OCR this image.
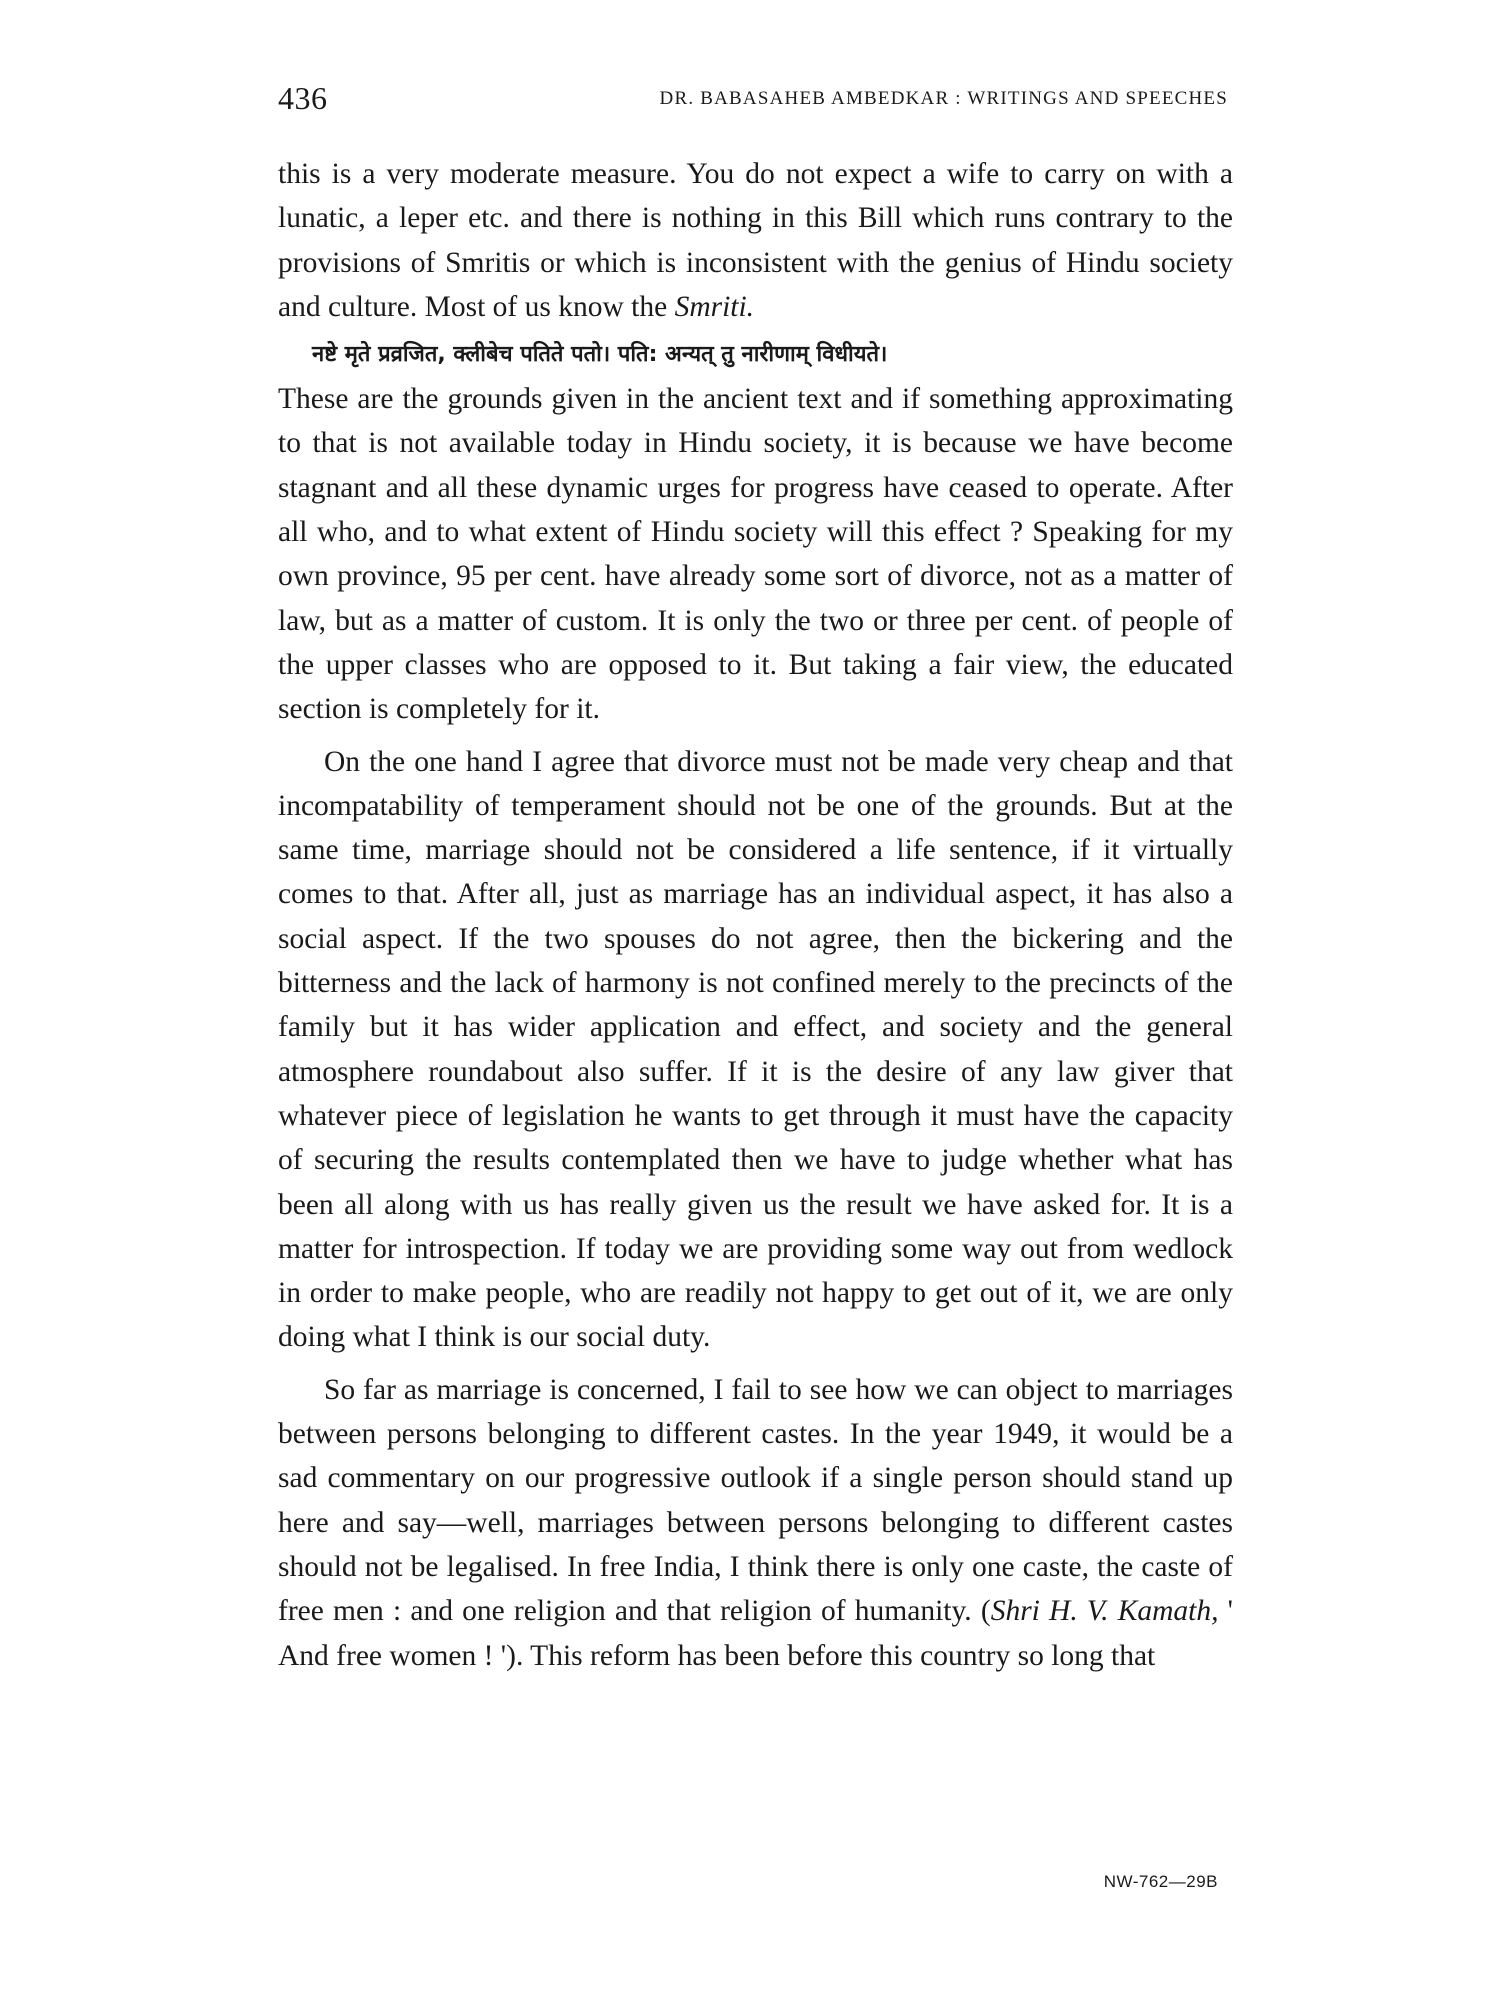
436	DR. BABASAHEB AMBEDKAR : WRITINGS AND SPEECHES

this is a very moderate measure. You do not expect a wife to carry on with a lunatic, a leper etc. and there is nothing in this Bill which runs contrary to the provisions of Smritis or which is inconsistent with the genius of Hindu society and culture. Most of us know the Smriti.

नष्टे मृते प्रव्रजित, क्लीबेच पतिते पतो। पति: अन्यत् तु नारीणाम् विधीयते।

These are the grounds given in the ancient text and if something approximating to that is not available today in Hindu society, it is because we have become stagnant and all these dynamic urges for progress have ceased to operate. After all who, and to what extent of Hindu society will this effect ? Speaking for my own province, 95 per cent. have already some sort of divorce, not as a matter of law, but as a matter of custom. It is only the two or three per cent. of people of the upper classes who are opposed to it. But taking a fair view, the educated section is completely for it.

On the one hand I agree that divorce must not be made very cheap and that incompatability of temperament should not be one of the grounds. But at the same time, marriage should not be considered a life sentence, if it virtually comes to that. After all, just as marriage has an individual aspect, it has also a social aspect. If the two spouses do not agree, then the bickering and the bitterness and the lack of harmony is not confined merely to the precincts of the family but it has wider application and effect, and society and the general atmosphere roundabout also suffer. If it is the desire of any law giver that whatever piece of legislation he wants to get through it must have the capacity of securing the results contemplated then we have to judge whether what has been all along with us has really given us the result we have asked for. It is a matter for introspection. If today we are providing some way out from wedlock in order to make people, who are readily not happy to get out of it, we are only doing what I think is our social duty.

So far as marriage is concerned, I fail to see how we can object to marriages between persons belonging to different castes. In the year 1949, it would be a sad commentary on our progressive outlook if a single person should stand up here and say—well, marriages between persons belonging to different castes should not be legalised. In free India, I think there is only one caste, the caste of free men : and one religion and that religion of humanity. (Shri H. V. Kamath, ' And free women ! '). This reform has been before this country so long that

NW-762—29B
